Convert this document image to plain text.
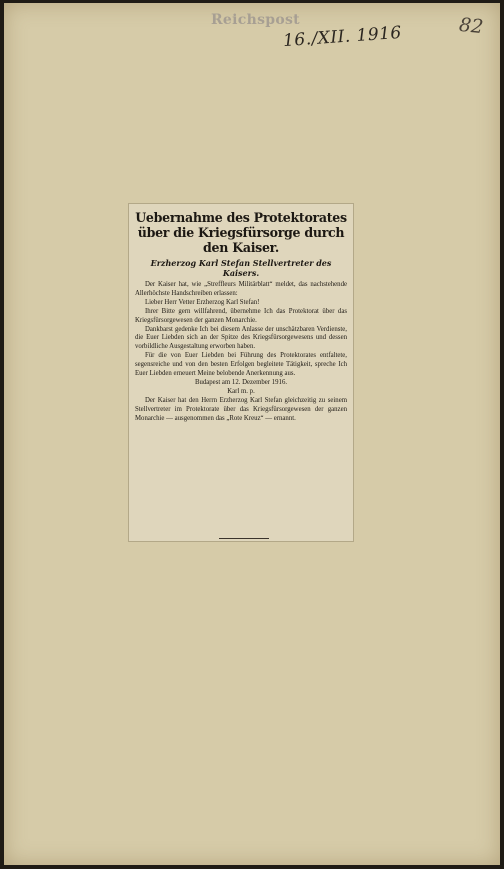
Reichspost
16./XII. 1916	82
Uebernahme des Protektorates über die Kriegsfürsorge durch den Kaiser.
Erzherzog Karl Stefan Stellvertreter des Kaisers.

Der Kaiser hat, wie „Streffleurs Militärblatt“ meldet, das nachstehende Allerhöchste Handschreiben erlassen:

Lieber Herr Vetter Erzherzog Karl Stefan!

Ihrer Bitte gern willfahrend, übernehme Ich das Protektorat über das Kriegsfürsorgewesen der ganzen Monarchie.

Dankbarst gedenke Ich bei diesem Anlasse der unschätzbaren Verdienste, die Euer Liebden sich an der Spitze des Kriegsfürsorgewesens und dessen vorbildliche Ausgestaltung erworben haben.

Für die von Euer Liebden bei Führung des Protektorates entfaltete, segensreiche und von den besten Erfolgen begleitete Tätigkeit, spreche Ich Euer Liebden erneuert Meine belobende Anerkennung aus.

Budapest am 12. Dezember 1916.

Karl m. p.

Der Kaiser hat den Herrn Erzherzog Karl Stefan gleichzeitig zu seinem Stellvertreter im Protektorate über das Kriegsfürsorgewesen der ganzen Monarchie — ausgenommen das „Rote Kreuz“ — ernannt.
